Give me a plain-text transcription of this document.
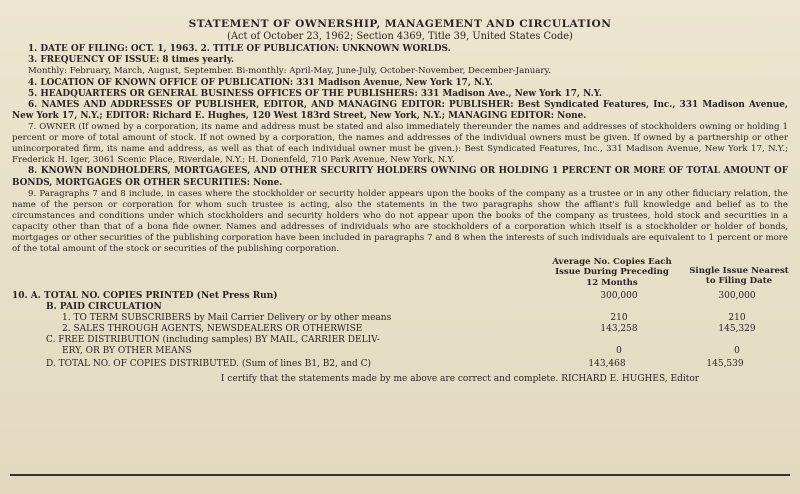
STATEMENT OF OWNERSHIP, MANAGEMENT AND CIRCULATION

(Act of October 23, 1962; Section 4369, Title 39, United States Code)

1. DATE OF FILING: OCT. 1, 1963. 2. TITLE OF PUBLICATION: UNKNOWN WORLDS.

3. FREQUENCY OF ISSUE: 8 times yearly.

Monthly: February, March, August, September. Bi-monthly: April-May, June-July, October-November, December-January.

4. LOCATION OF KNOWN OFFICE OF PUBLICATION: 331 Madison Avenue, New York 17, N.Y.

5. HEADQUARTERS OR GENERAL BUSINESS OFFICES OF THE PUBLISHERS: 331 Madison Ave., New York 17, N.Y.

6. NAMES AND ADDRESSES OF PUBLISHER, EDITOR, AND MANAGING EDITOR: PUBLISHER: Best Syndicated Features, Inc., 331 Madison Avenue, New York 17, N.Y.; EDITOR: Richard E. Hughes, 120 West 183rd Street, New York, N.Y.; MANAGING EDITOR: None.

7. OWNER (If owned by a corporation, its name and address must be stated and also immediately thereunder the names and addresses of stockholders owning or holding 1 percent or more of total amount of stock. If not owned by a corporation, the names and addresses of the individual owners must be given. If owned by a partnership or other unincorporated firm, its name and address, as well as that of each individual owner must be given.): Best Syndicated Features, Inc., 331 Madison Avenue, New York 17, N.Y.; Frederick H. Iger, 3061 Scenic Place, Riverdale, N.Y.; H. Donenfeld, 710 Park Avenue, New York, N.Y.

8. KNOWN BONDHOLDERS, MORTGAGEES, AND OTHER SECURITY HOLDERS OWNING OR HOLDING 1 PERCENT OR MORE OF TOTAL AMOUNT OF BONDS, MORTGAGES OR OTHER SECURITIES: None.

9. Paragraphs 7 and 8 include, in cases where the stockholder or security holder appears upon the books of the company as a trustee or in any other fiduciary relation, the name of the person or corporation for whom such trustee is acting, also the statements in the two paragraphs show the affiant's full knowledge and belief as to the circumstances and conditions under which stockholders and security holders who do not appear upon the books of the company as trustees, hold stock and securities in a capacity other than that of a bona fide owner. Names and addresses of individuals who are stockholders of a corporation which itself is a stockholder or holder of bonds, mortgages or other securities of the publishing corporation have been included in paragraphs 7 and 8 when the interests of such individuals are equivalent to 1 percent or more of the total amount of the stock or securities of the publishing corporation.

Average No. Copies Each Issue During Preceding 12 Months
Single Issue Nearest to Filing Date
10. A. TOTAL NO. COPIES PRINTED (Net Press Run)	300,000	300,000
B. PAID CIRCULATION
1. TO TERM SUBSCRIBERS by Mail Carrier Delivery or by other means	210	210
2. SALES THROUGH AGENTS, NEWSDEALERS OR OTHERWISE	143,258	145,329
C. FREE DISTRIBUTION (including samples) BY MAIL, CARRIER DELIV-
ERY, OR BY OTHER MEANS	0	0
D. TOTAL NO. OF COPIES DISTRIBUTED. (Sum of lines B1, B2, and C)	143,468	145,539

I certify that the statements made by me above are correct and complete. RICHARD E. HUGHES, Editor
